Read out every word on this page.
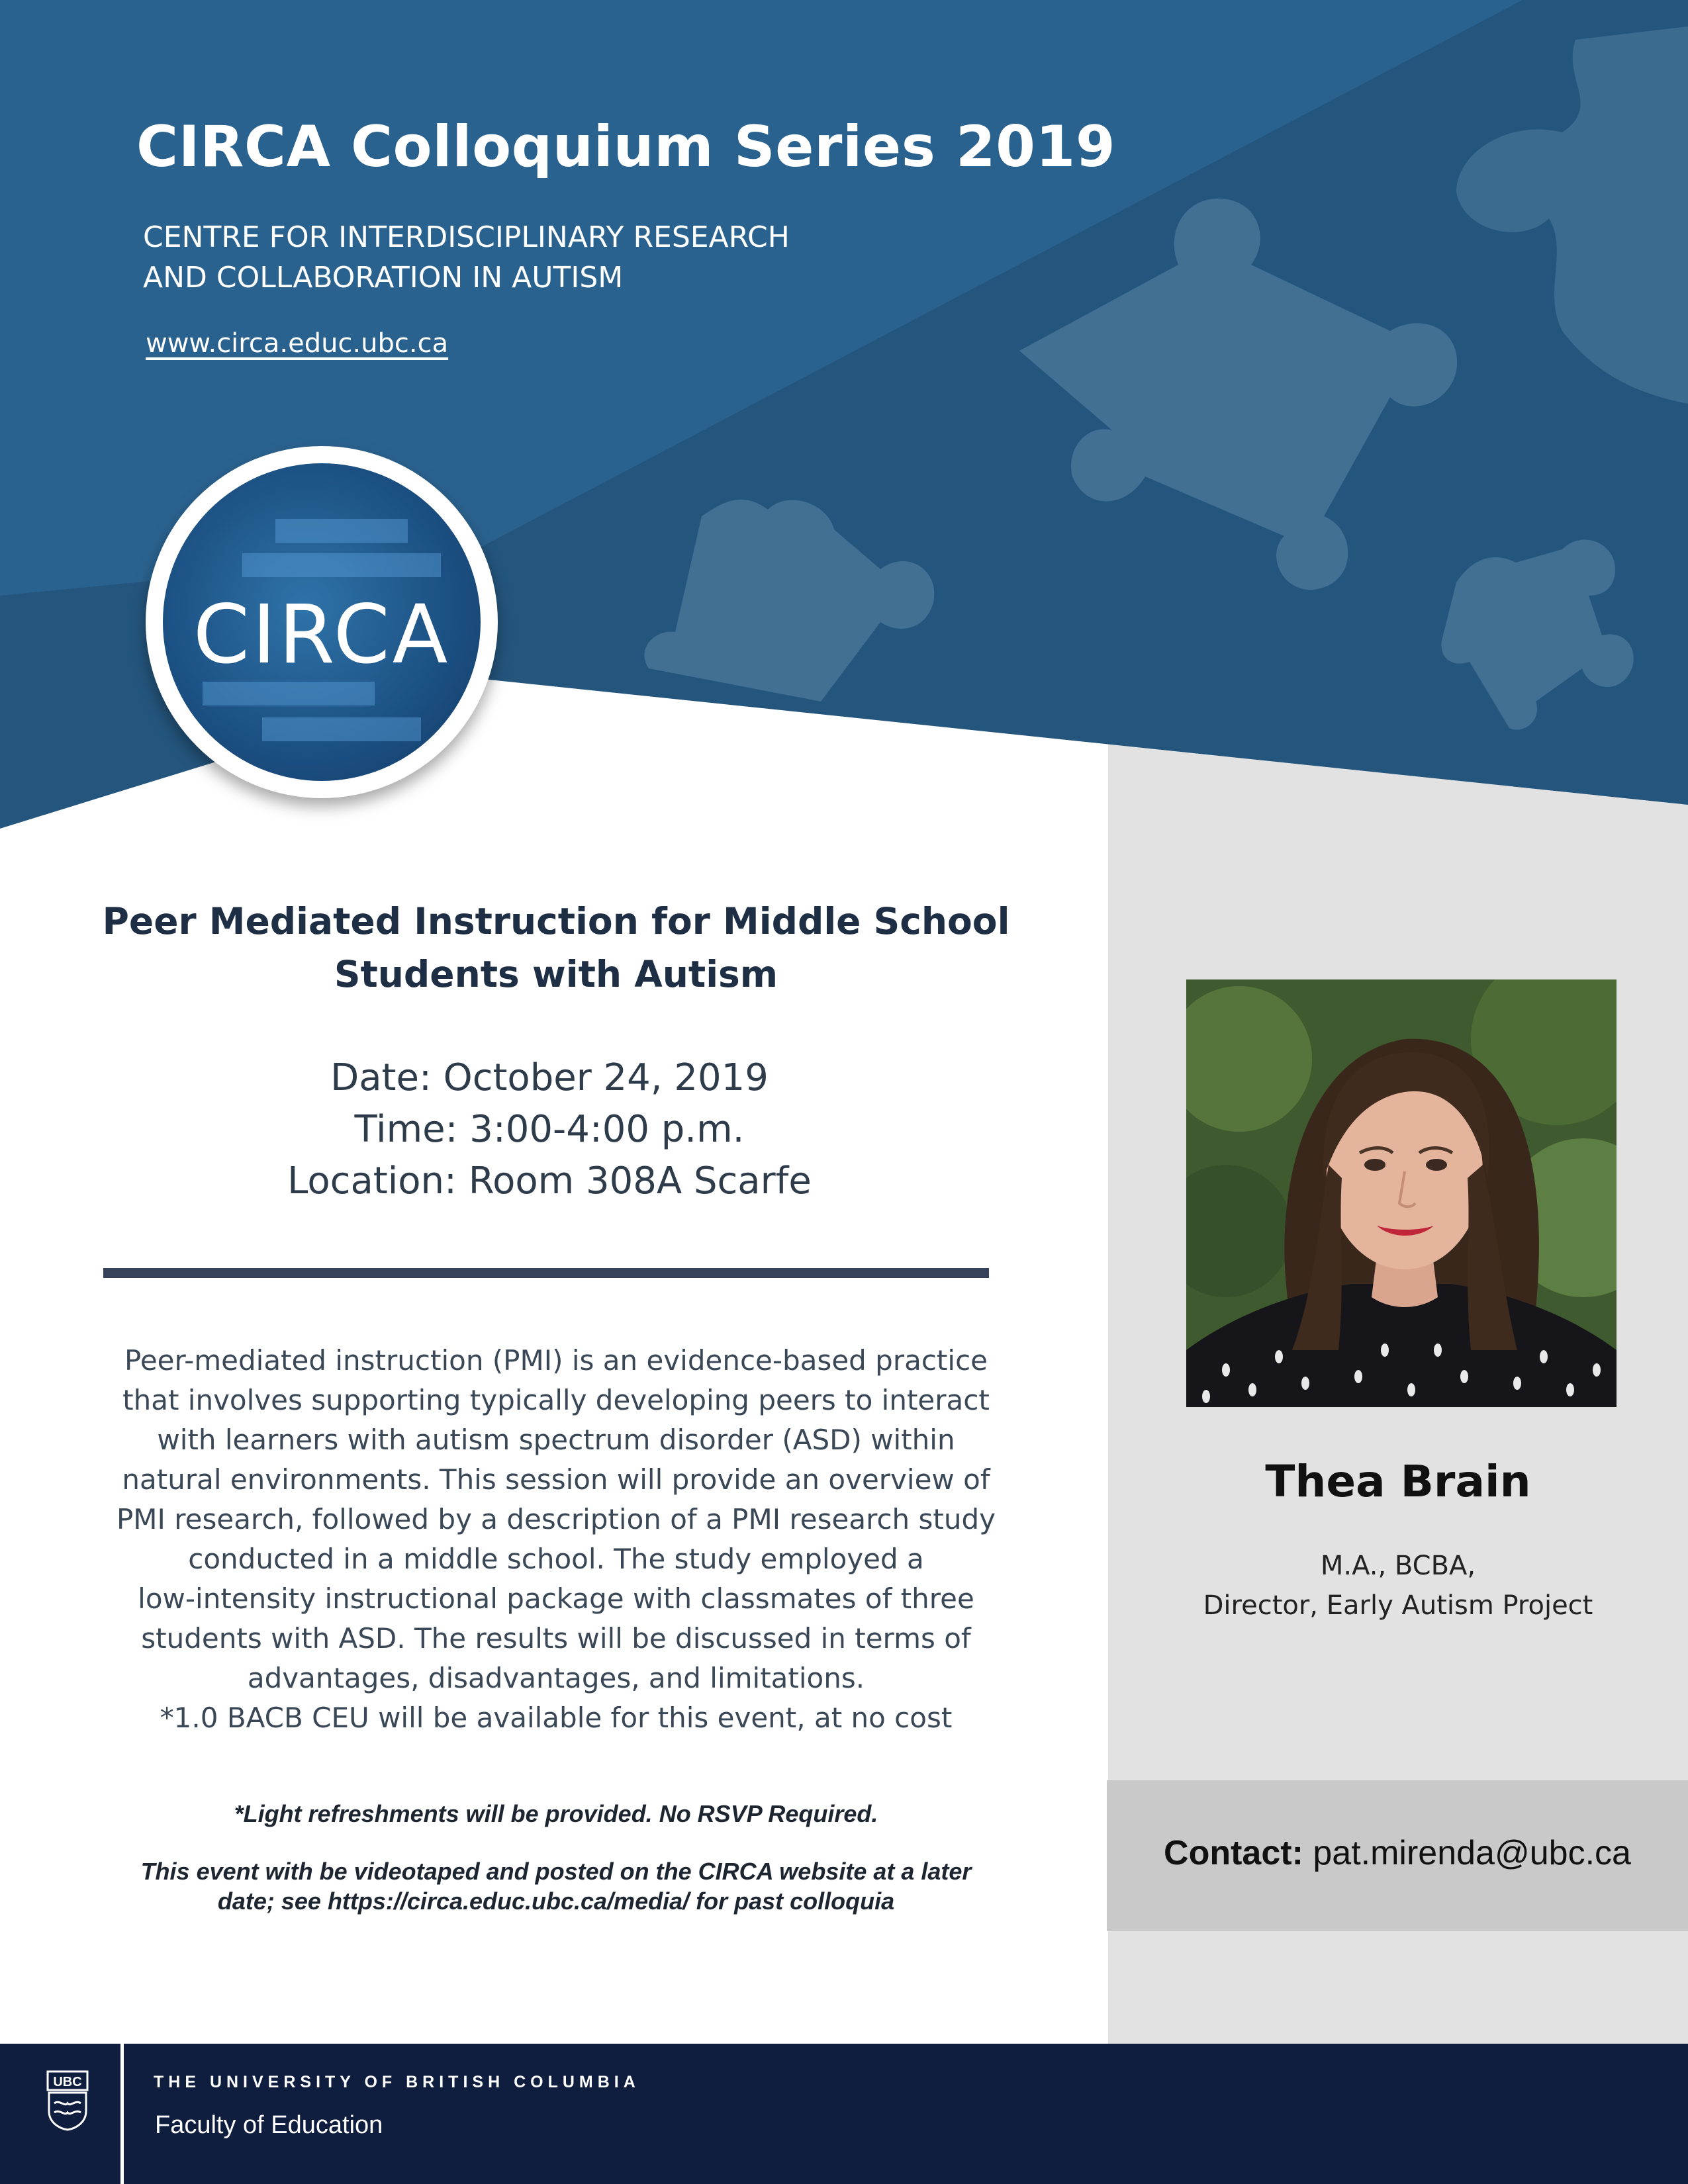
CIRCA Colloquium Series 2019
CENTRE FOR INTERDISCIPLINARY RESEARCH
AND COLLABORATION IN AUTISM
www.circa.educ.ubc.ca
CIRCA
Peer Mediated Instruction for Middle School
Students with Autism
Date: October 24, 2019
Time: 3:00-4:00 p.m.
Location: Room 308A Scarfe
Peer-mediated instruction (PMI) is an evidence-based practice
that involves supporting typically developing peers to interact
with learners with autism spectrum disorder (ASD) within
natural environments. This session will provide an overview of
PMI research, followed by a description of a PMI research study
conducted in a middle school. The study employed a
low-intensity instructional package with classmates of three
students with ASD. The results will be discussed in terms of
advantages, disadvantages, and limitations.
*1.0 BACB CEU will be available for this event, at no cost
*Light refreshments will be provided. No RSVP Required.
This event with be videotaped and posted on the CIRCA website at a later
date; see https://circa.educ.ubc.ca/media/ for past colloquia
Thea Brain
M.A., BCBA,
Director, Early Autism Project
Contact: pat.mirenda@ubc.ca
UBC	THE UNIVERSITY OF BRITISH COLUMBIA
Faculty of Education
